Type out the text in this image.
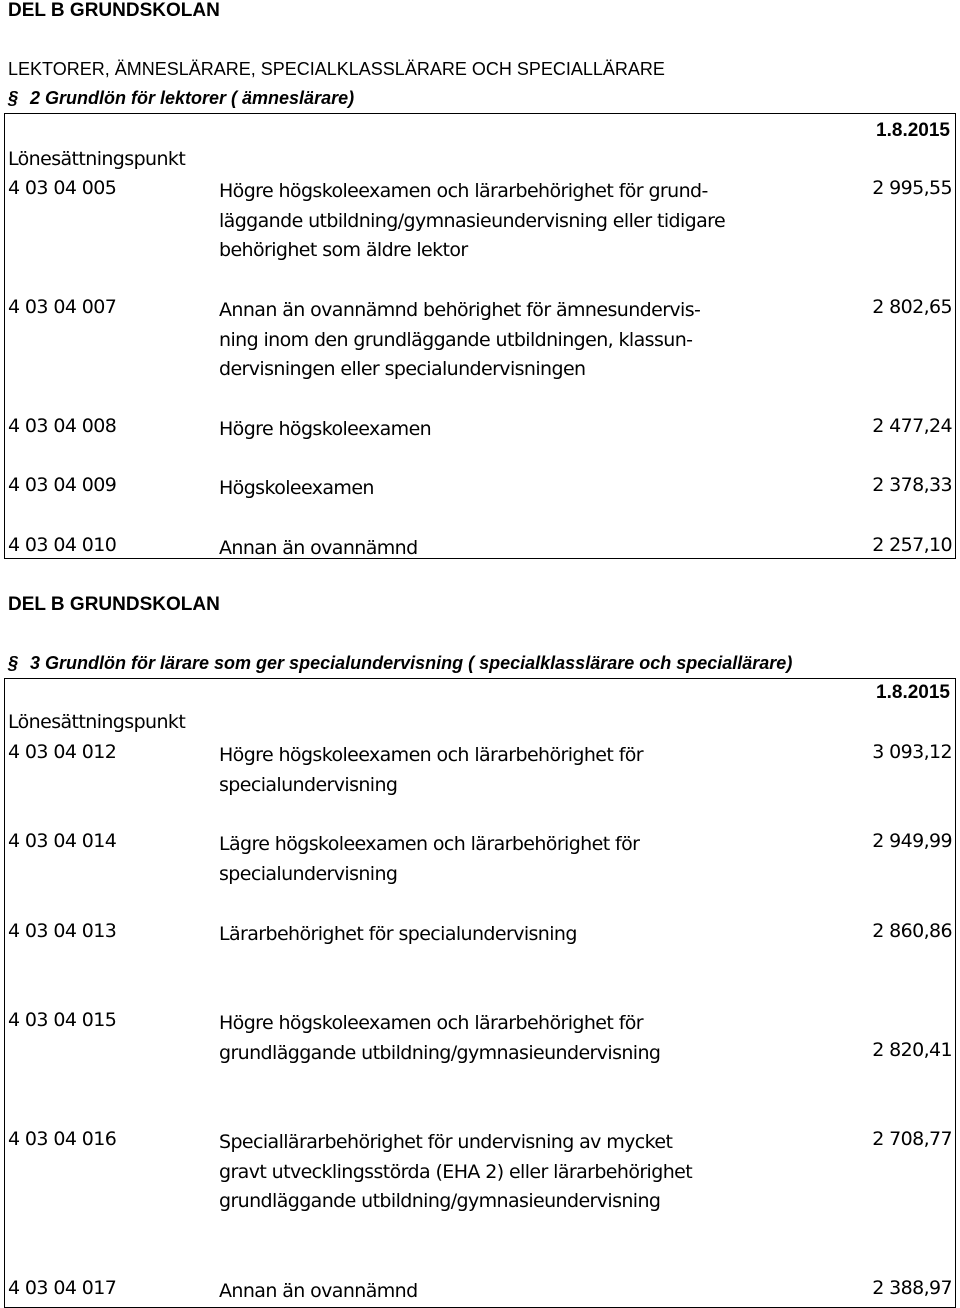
DEL B GRUNDSKOLAN
LEKTORER, ÄMNESLÄRARE, SPECIALKLASSLÄRARE OCH SPECIALLÄRARE
§ 2 Grundlön för lektorer ( ämneslärare)
1.8.2015
Lönesättningspunkt
4 03 04 005	Högre högskoleexamen och lärarbehörighet för grund-
läggande utbildning/gymnasieundervisning eller tidigare
behörighet som äldre lektor
2 995,55
4 03 04 007	Annan än ovannämnd behörighet för ämnesundervis-
ning inom den grundläggande utbildningen, klassun-
dervisningen eller specialundervisningen
2 802,65
4 03 04 008	Högre högskoleexamen	2 477,24
4 03 04 009	Högskoleexamen	2 378,33
4 03 04 010	Annan än ovannämnd	2 257,10
DEL B GRUNDSKOLAN
§ 3 Grundlön för lärare som ger specialundervisning ( specialklasslärare och speciallärare)
1.8.2015
Lönesättningspunkt
4 03 04 012	Högre högskoleexamen och lärarbehörighet för
specialundervisning
3 093,12
4 03 04 014	Lägre högskoleexamen och lärarbehörighet för
specialundervisning
2 949,99
4 03 04 013	Lärarbehörighet för specialundervisning	2 860,86
4 03 04 015	Högre högskoleexamen och lärarbehörighet för
grundläggande utbildning/gymnasieundervisning	2 820,41
4 03 04 016	Speciallärarbehörighet för undervisning av mycket
gravt utvecklingsstörda (EHA 2) eller lärarbehörighet
grundläggande utbildning/gymnasieundervisning
2 708,77
4 03 04 017	Annan än ovannämnd	2 388,97
